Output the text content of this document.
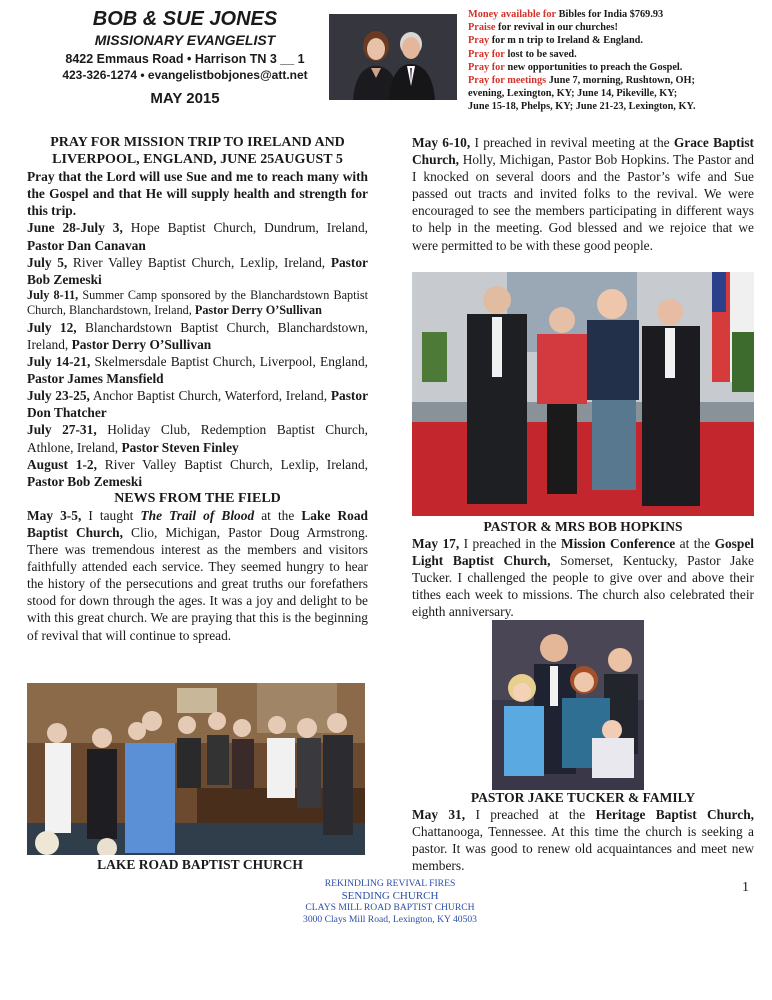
BOB & SUE JONES
MISSIONARY EVANGELIST
8422 Emmaus Road • Harrison TN 3 __ 1
423-326-1274 • evangelistbobjones@att.net
MAY 2015
Money available for Bibles for India $769.93
Praise for revival in our churches!
Pray for m n trip to Ireland & England.
Pray for lost to be saved.
Pray for new opportunities to preach the Gospel.
Pray for meetings June 7, morning, Rushtown, OH;
evening, Lexington, KY; June 14, Pikeville, KY;
June 15-18, Phelps, KY; June 21-23, Lexington, KY.

PRAY FOR MISSION TRIP TO IRELAND AND

LIVERPOOL, ENGLAND, JUNE 25AUGUST 5

Pray that the Lord will use Sue and me to reach many with the Gospel and that He will supply health and strength for this trip.

June 28-July 3, Hope Baptist Church, Dundrum, Ireland, Pastor Dan Canavan

July 5, River Valley Baptist Church, Lexlip, Ireland, Pastor Bob Zemeski

July 8-11, Summer Camp sponsored by the Blanchardstown Baptist Church, Blanchardstown, Ireland, Pastor Derry O’Sullivan

July 12, Blanchardstown Baptist Church, Blanchardstown, Ireland, Pastor Derry O’Sullivan

July 14-21, Skelmersdale Baptist Church, Liverpool, England, Pastor James Mansfield

July 23-25, Anchor Baptist Church, Waterford, Ireland, Pastor Don Thatcher

July 27-31, Holiday Club, Redemption Baptist Church, Athlone, Ireland, Pastor Steven Finley

August 1-2, River Valley Baptist Church, Lexlip, Ireland, Pastor Bob Zemeski

NEWS FROM THE FIELD

May 3-5, I taught The Trail of Blood at the Lake Road Baptist Church, Clio, Michigan, Pastor Doug Armstrong. There was tremendous interest as the members and visitors faithfully attended each service. They seemed hungry to hear the history of the persecutions and great truths our forefathers stood for down through the ages. It was a joy and delight to be with this great church. We are praying that this is the beginning of revival that will continue to spread.

LAKE ROAD BAPTIST CHURCH

May 6-10, I preached in revival meeting at the Grace Baptist Church, Holly, Michigan, Pastor Bob Hopkins. The Pastor and I knocked on several doors and the Pastor’s wife and Sue passed out tracts and invited folks to the revival. We were encouraged to see the members participating in different ways to help in the meeting. God blessed and we rejoice that we were permitted to be with these good people.

PASTOR & MRS BOB HOPKINS

May 17, I preached in the Mission Conference at the Gospel Light Baptist Church, Somerset, Kentucky, Pastor Jake Tucker. I challenged the people to give over and above their tithes each week to missions. The church also celebrated their eighth anniversary.

PASTOR JAKE TUCKER & FAMILY

May 31, I preached at the Heritage Baptist Church, Chattanooga, Tennessee. At this time the church is seeking a pastor. It was good to renew old acquaintances and meet new members.

REKINDLING REVIVAL FIRES
SENDING CHURCH
CLAYS MILL ROAD BAPTIST CHURCH
3000 Clays Mill Road, Lexington, KY 40503
1
